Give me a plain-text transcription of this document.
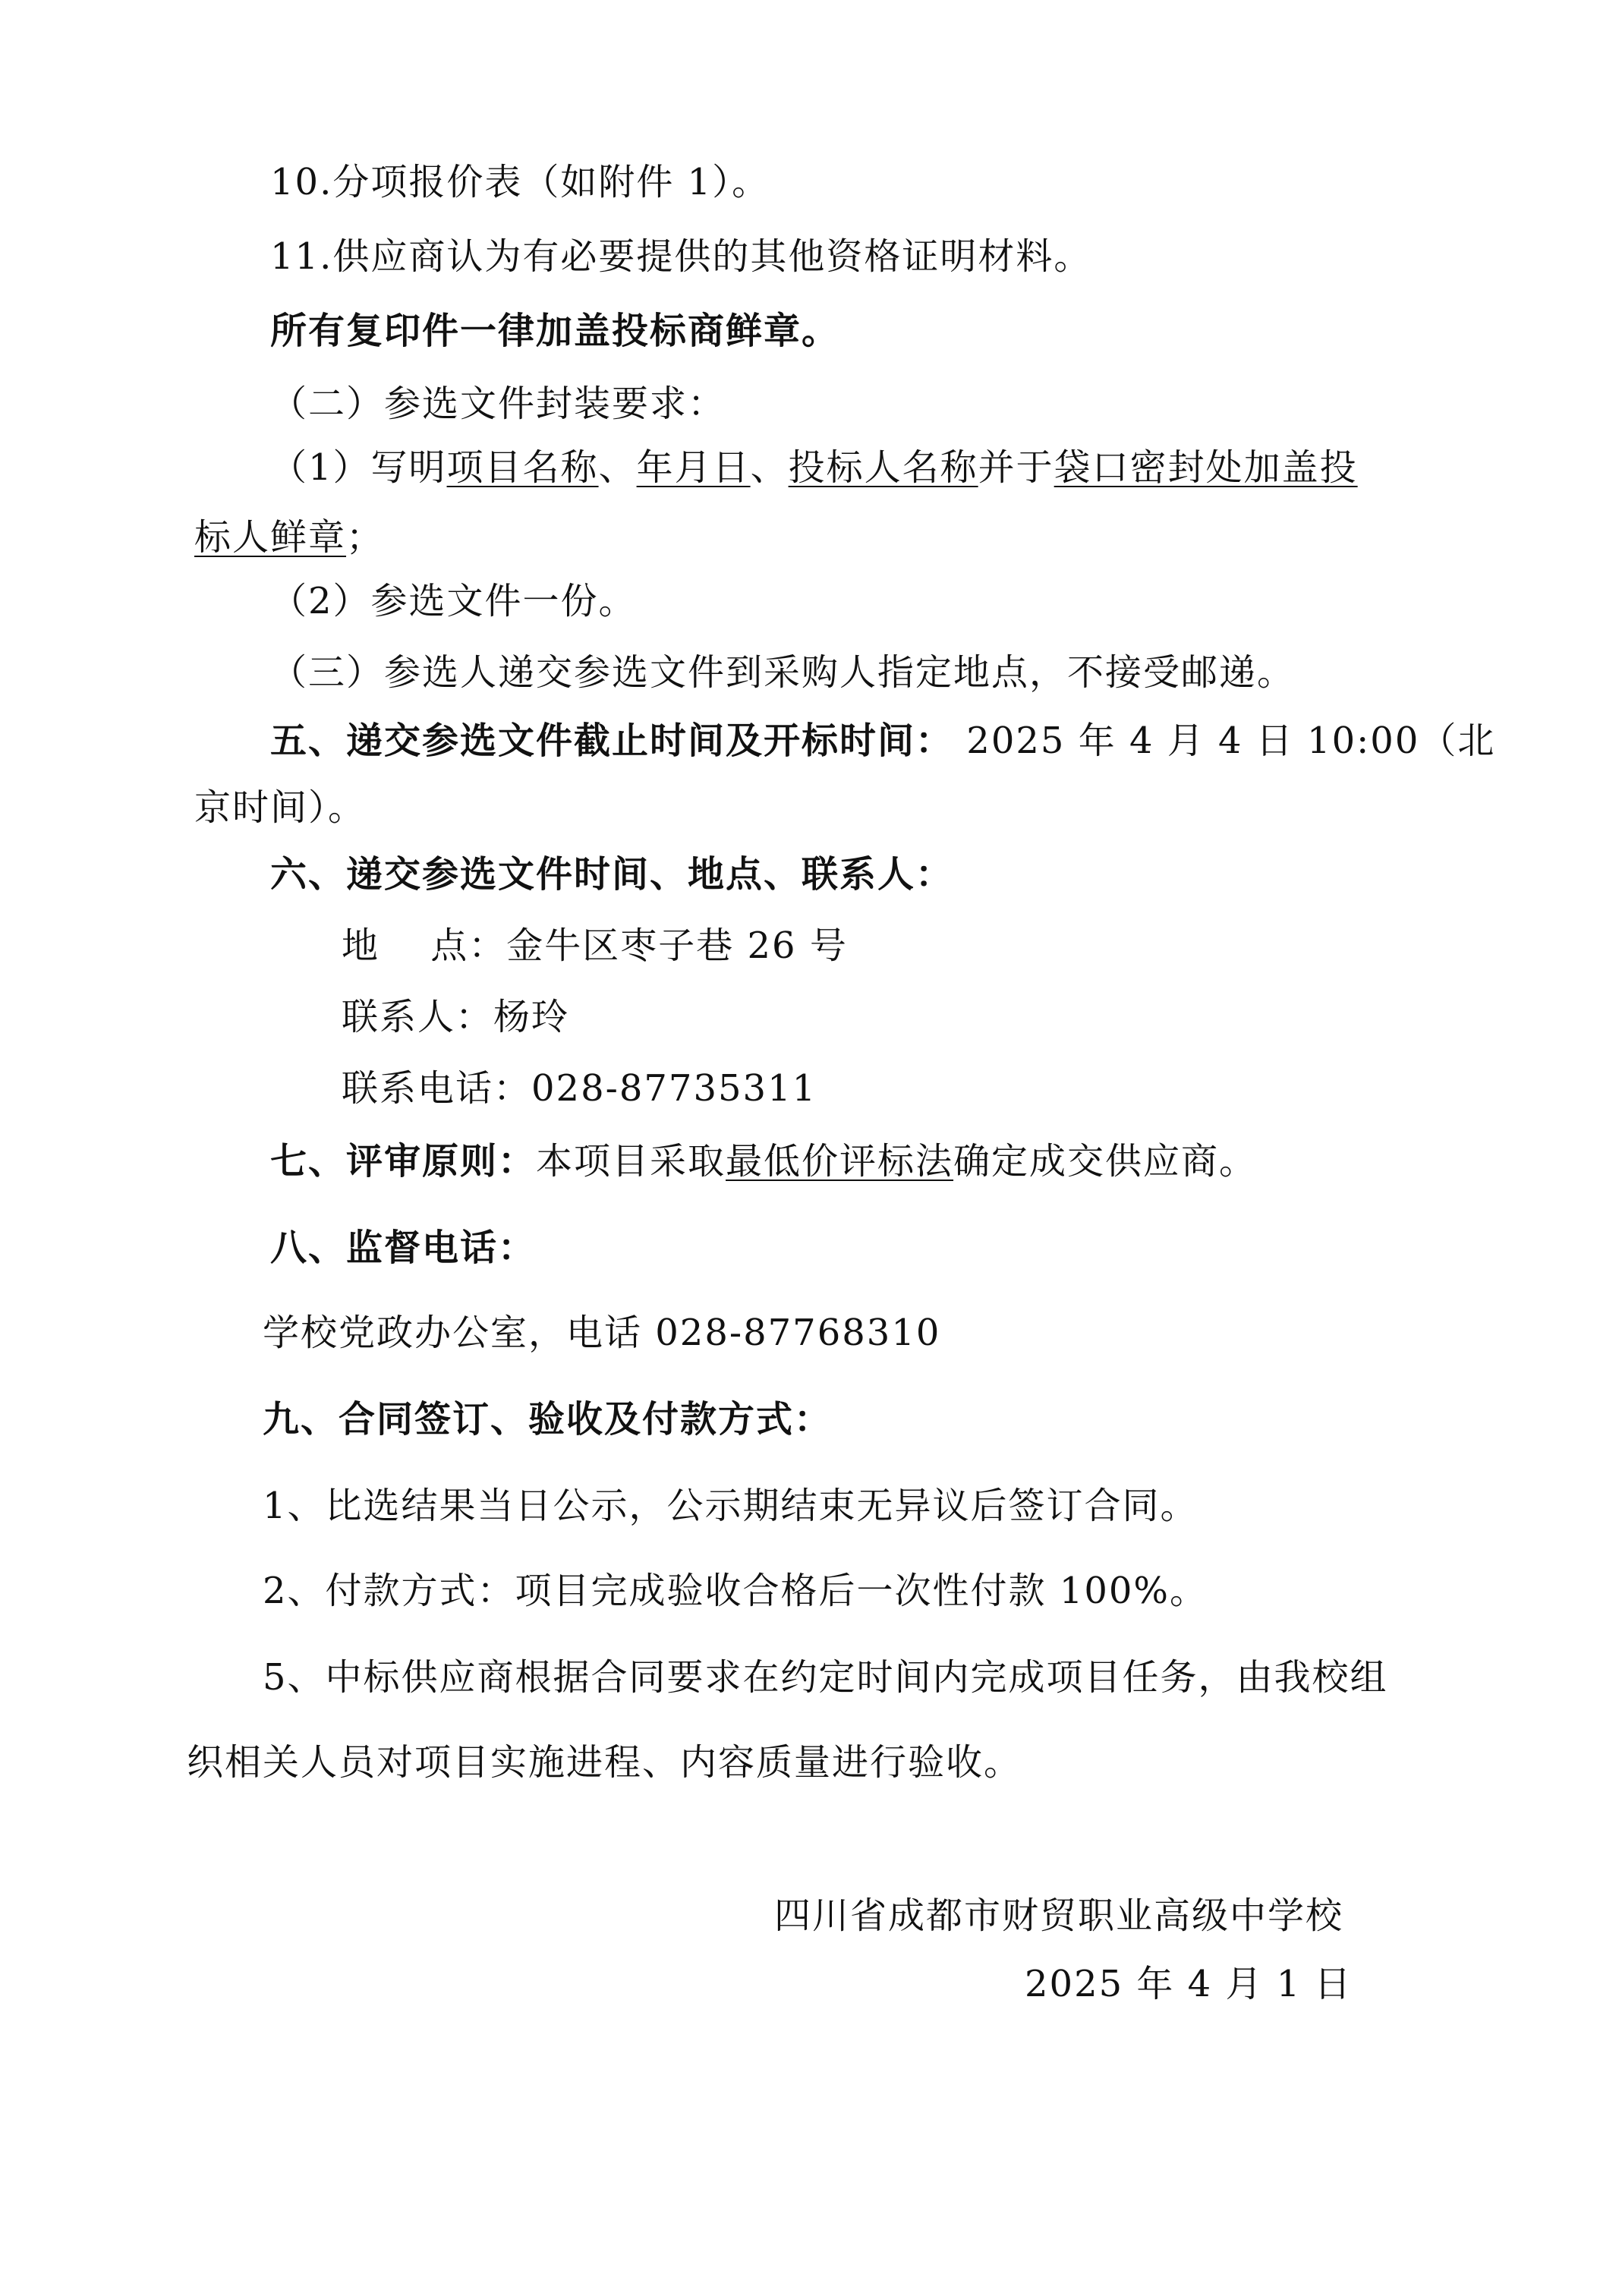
10.分项报价表（如附件 1）。
11.供应商认为有必要提供的其他资格证明材料。
所有复印件一律加盖投标商鲜章。
（二）参选文件封装要求：
（1）写明项目名称、年月日、投标人名称并于袋口密封处加盖投
标人鲜章；
（2）参选文件一份。
（三）参选人递交参选文件到采购人指定地点，不接受邮递。
五、递交参选文件截止时间及开标时间： 2025 年 4 月 4 日 10:00（北
京时间）。
六、递交参选文件时间、地点、联系人：
地　 点：金牛区枣子巷 26 号
联系人：杨玲
联系电话：028-87735311
七、评审原则：本项目采取最低价评标法确定成交供应商。
八、监督电话：
学校党政办公室，电话 028-87768310
九、合同签订、验收及付款方式：
1、比选结果当日公示，公示期结束无异议后签订合同。
2、付款方式：项目完成验收合格后一次性付款 100%。
5、中标供应商根据合同要求在约定时间内完成项目任务，由我校组
织相关人员对项目实施进程、内容质量进行验收。
四川省成都市财贸职业高级中学校
2025 年 4 月 1 日
